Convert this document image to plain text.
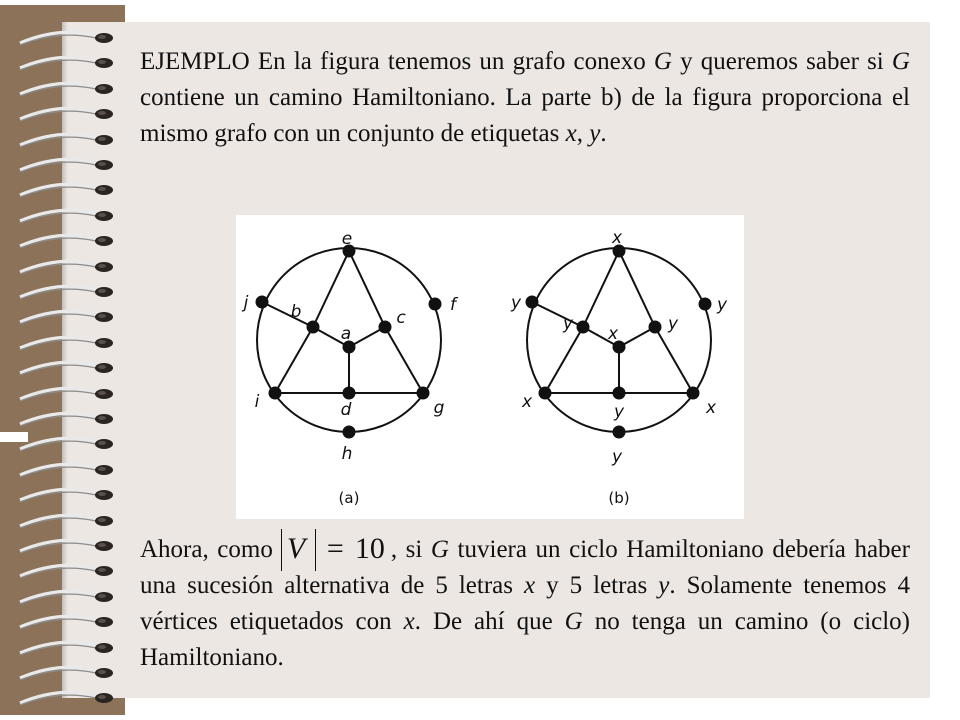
EJEMPLO En la figura tenemos un grafo conexo G y queremos saber si G contiene un camino Hamiltoniano. La parte b) de la figura proporciona el mismo grafo con un conjunto de etiquetas x, y.

e
f
j b
a
c
i	d	g
h
(a)
x
y
y
y x	y
x	y	x
y
(b)

Ahora, como V = 10 , si G tuviera un ciclo Hamiltoniano debería haber una sucesión alternativa de 5 letras x y 5 letras y. Solamente tenemos 4 vértices etiquetados con x. De ahí que G no tenga un camino (o ciclo) Hamiltoniano.
